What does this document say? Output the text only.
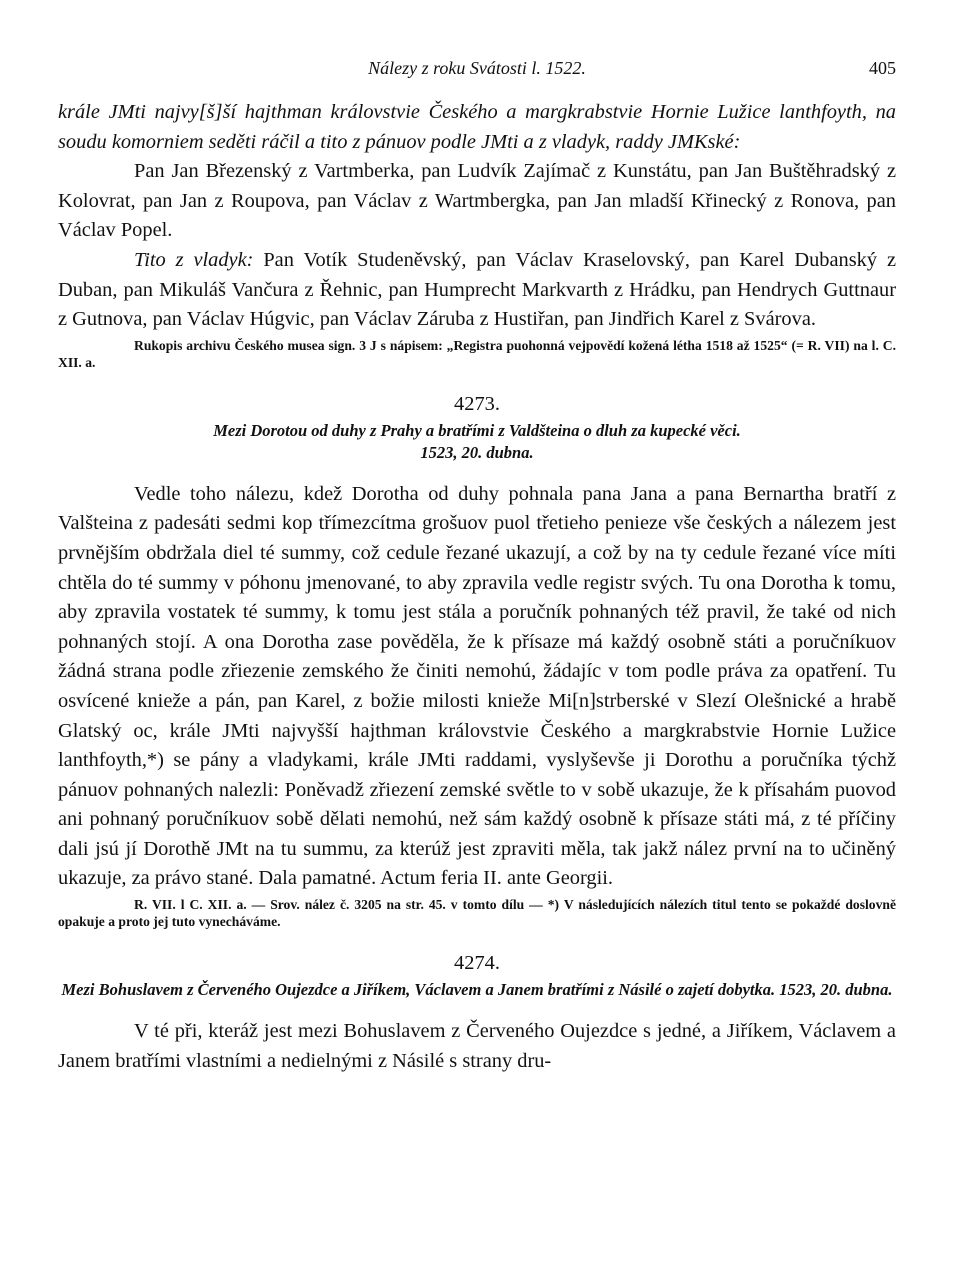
Nálezy z roku Svátosti l. 1522.	405

krále JMti najvy[š]ší hajthman královstvie Českého a margkrabstvie Hornie Lužice lanthfoyth, na soudu komorniem seděti ráčil a tito z pánuov podle JMti a z vladyk, raddy JMKské:

Pan Jan Březenský z Vartmberka, pan Ludvík Zajímač z Kunstátu, pan Jan Buštěhradský z Kolovrat, pan Jan z Roupova, pan Václav z Wartmbergka, pan Jan mladší Křinecký z Ronova, pan Václav Popel.

Tito z vladyk: Pan Votík Studeněvský, pan Václav Kraselovský, pan Karel Dubanský z Duban, pan Mikuláš Vančura z Řehnic, pan Humprecht Markvarth z Hrádku, pan Hendrych Guttnaur z Gutnova, pan Václav Húgvic, pan Václav Záruba z Hustiřan, pan Jindřich Karel z Svárova.

Rukopis archivu Českého musea sign. 3 J s nápisem: „Registra puohonná vejpovědí kožená léthа 1518 až 1525“ (= R. VII) na l. C. XII. a.

4273.
Mezi Dorotou od duhy z Prahy a bratřími z Valdšteina o dluh za kupecké věci.
1523, 20. dubna.

Vedle toho nálezu, kdež Dorotha od duhy pohnala pana Jana a pana Bernartha bratří z Valšteina z padesáti sedmi kop třímezcítma grošuov puol třetieho penieze vše českých a nálezem jest prvnějším obdržala diel té summy, což cedule řezané ukazují, a což by na ty cedule řezané více míti chtěla do té summy v póhonu jmenované, to aby zpravila vedle registr svých. Tu ona Dorotha k tomu, aby zpravila vostatek té summy, k tomu jest stála a poručník pohnaných též pravil, že také od nich pohnaných stojí. A ona Dorotha zase pověděla, že k přísaze má každý osobně státi a poručníkuov žádná strana podle zřiezenie zemského že činiti nemohú, žádajíc v tom podle práva za opatření. Tu osvícené knieže a pán, pan Karel, z božie milosti knieže Mi[n]strberské v Slezí Olešnické a hrabě Glatský oc, krále JMti najvyšší hajthman královstvie Českého a margkrabstvie Hornie Lužice lanthfoyth,*) se pány a vladykami, krále JMti raddami, vyslyševše ji Dorothu a poručníka týchž pánuov pohnaných nalezli: Poněvadž zřiezení zemské světle to v sobě ukazuje, že k přísahám puovod ani pohnaný poručníkuov sobě dělati nemohú, než sám každý osobně k přísaze státi má, z té příčiny dali jsú jí Dorothě JMt na tu summu, za kterúž jest zpraviti měla, tak jakž nález první na to učiněný ukazuje, za právo stané. Dala pamatné. Actum feria II. ante Georgii.

R. VII. l C. XII. a. — Srov. nález č. 3205 na str. 45. v tomto dílu — *) V následujících nálezích titul tento se pokaždé doslovně opakuje a proto jej tuto vynecháváme.

4274.
Mezi Bohuslavem z Červeného Oujezdce a Jiříkem, Václavem a Janem bratřími z Násilé o zajetí dobytka. 1523, 20. dubna.

V té při, kteráž jest mezi Bohuslavem z Červeného Oujezdce s jedné, a Jiříkem, Václavem a Janem bratřími vlastními a nedielnými z Násilé s strany dru-
